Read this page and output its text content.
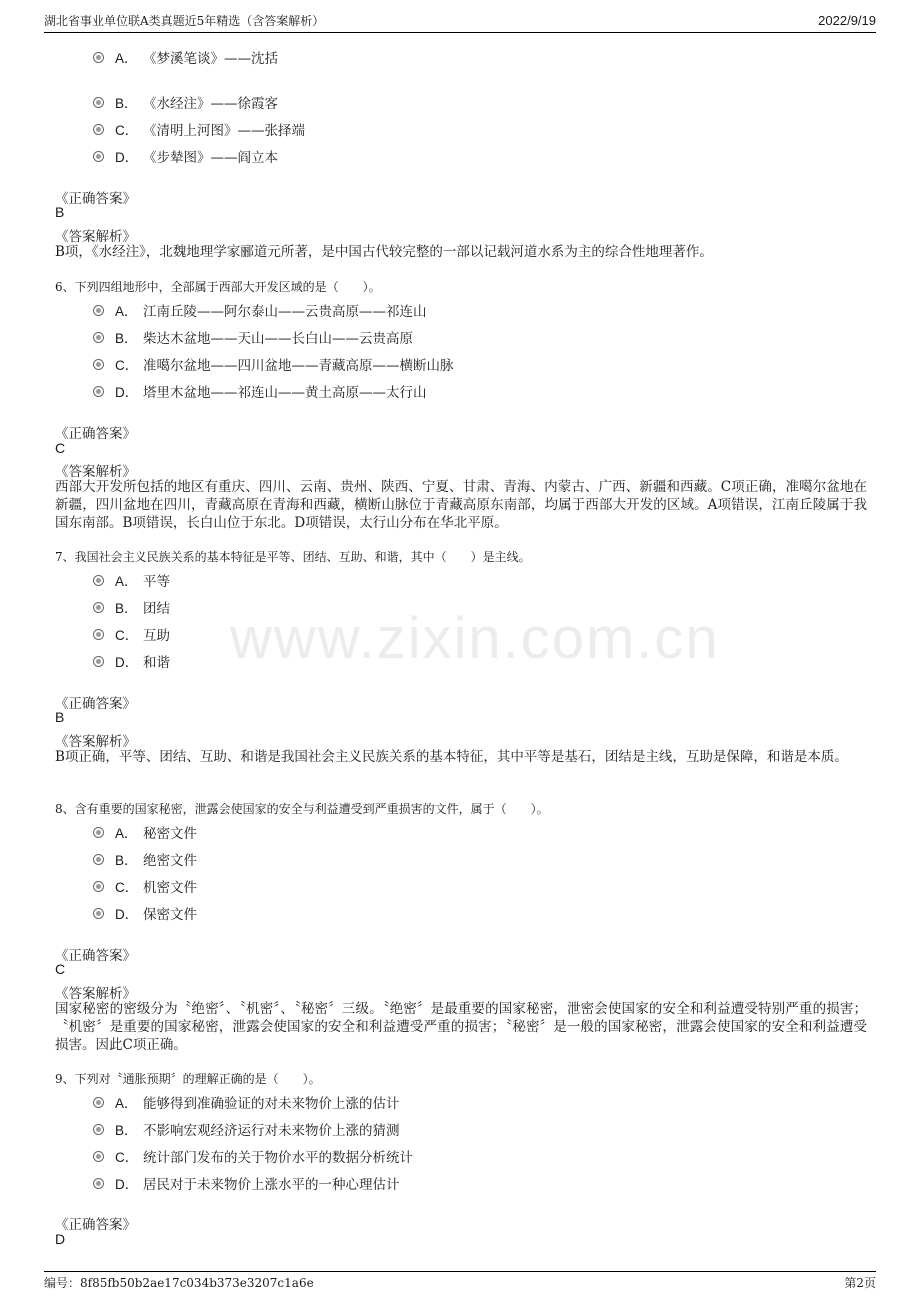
湖北省事业单位联A类真题近5年精选（含答案解析）	2022/9/19
www.zixin.com.cn
A． 《梦溪笔谈》——沈括
B． 《水经注》——徐霞客
C． 《清明上河图》——张择端
D． 《步辇图》——阎立本
《正确答案》
B
《答案解析》

B项，《水经注》，北魏地理学家郦道元所著，是中国古代较完整的一部以记载河道水系为主的综合性地理著作。

6、下列四组地形中，全部属于西部大开发区域的是（　　）。
A． 江南丘陵——阿尔泰山——云贵高原——祁连山
B． 柴达木盆地——天山——长白山——云贵高原
C． 准噶尔盆地——四川盆地——青藏高原——横断山脉
D． 塔里木盆地——祁连山——黄土高原——太行山
《正确答案》
C
《答案解析》

西部大开发所包括的地区有重庆、四川、云南、贵州、陕西、宁夏、甘肃、青海、内蒙古、广西、新疆和西藏。C项正确，准噶尔盆地在新疆，四川盆地在四川，青藏高原在青海和西藏，横断山脉位于青藏高原东南部，均属于西部大开发的区域。A项错误，江南丘陵属于我国东南部。B项错误，长白山位于东北。D项错误，太行山分布在华北平原。

7、我国社会主义民族关系的基本特征是平等、团结、互助、和谐，其中（　　）是主线。
A． 平等
B． 团结
C． 互助
D． 和谐
《正确答案》
B
《答案解析》

B项正确，平等、团结、互助、和谐是我国社会主义民族关系的基本特征，其中平等是基石，团结是主线，互助是保障，和谐是本质。

8、含有重要的国家秘密，泄露会使国家的安全与利益遭受到严重损害的文件，属于（　　）。
A． 秘密文件
B． 绝密文件
C． 机密文件
D． 保密文件
《正确答案》
C
《答案解析》

国家秘密的密级分为〝绝密〞、〝机密〞、〝秘密〞三级。〝绝密〞是最重要的国家秘密，泄密会使国家的安全和利益遭受特别严重的损害；〝机密〞是重要的国家秘密，泄露会使国家的安全和利益遭受严重的损害；〝秘密〞是一般的国家秘密，泄露会使国家的安全和利益遭受损害。因此C项正确。

9、下列对〝通胀预期〞的理解正确的是（　　）。
A． 能够得到准确验证的对未来物价上涨的估计
B． 不影响宏观经济运行对未来物价上涨的猜测
C． 统计部门发布的关于物价水平的数据分析统计
D． 居民对于未来物价上涨水平的一种心理估计
《正确答案》
D
编号：8f85fb50b2ae17c034b373e3207c1a6e	第2页
